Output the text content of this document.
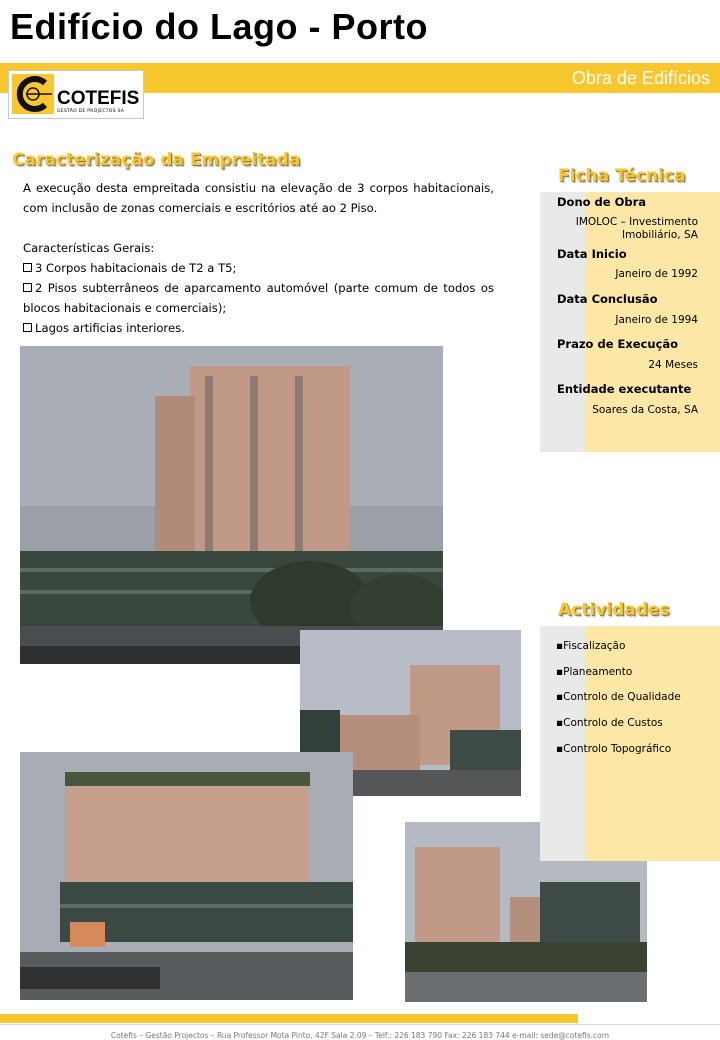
Edifício do Lago - Porto
Obra de Edifícios
COTEFIS
GESTÃO DE PROJECTOS SA
Caracterização da Empreitada
A execução desta empreitada consistiu na elevação de 3 corpos habitacionais, com inclusão de zonas comerciais e escritórios até ao 2 Piso.
Características Gerais:
3 Corpos habitacionais de T2 a T5;
2 Pisos subterrâneos de aparcamento automóvel (parte comum de todos os blocos habitacionais e comerciais);
Lagos artificias interiores.
Ficha Técnica
Dono de Obra
IMOLOC – Investimento Imobiliário, SA
Data Inicio
Janeiro de 1992
Data Conclusão
Janeiro de 1994
Prazo de Execução
24 Meses
Entidade executante
Soares da Costa, SA
Actividades
▪Fiscalização
▪Planeamento
▪Controlo de Qualidade
▪Controlo de Custos
▪Controlo Topográfico
Cotefis – Gestão Projectos – Rua Professor Mota Pinto, 42F Sala 2.09 – Telf.: 226 183 790 Fax: 226 183 744 e-mail: sede@cotefis.com
